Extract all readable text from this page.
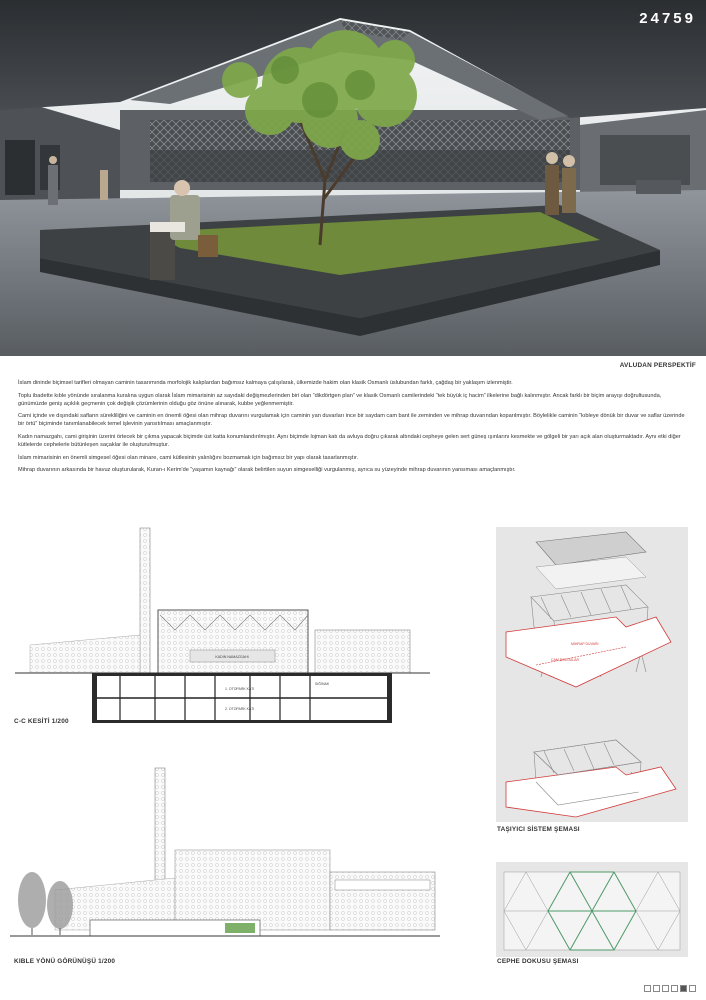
24759
AVLUDAN PERSPEKTİF

İslam dininde biçimsel tarifleri olmayan caminin tasarımında morfolojik kalıplardan bağımsız kalmaya çalışılarak, ülkemizde hakim olan klasik Osmanlı üslubundan farklı, çağdaş bir yaklaşım izlenmiştir.

Toplu ibadette kıble yönünde sıralanma kuralına uygun olarak İslam mimarisinin az sayıdaki değişmezlerinden biri olan “dikdörtgen plan” ve klasik Osmanlı camilerindeki “tek büyük iç hacim” ilkelerine bağlı kalınmıştır. Ancak farklı bir biçim arayışı doğrultusunda, günümüzde geniş açıklık geçmenin çok değişik çözümlerinin olduğu göz önüne alınarak, kubbe yeğlenmemiştir.

Cami içinde ve dışındaki safların sürekliliğini ve caminin en önemli öğesi olan mihrap duvarını vurgulamak için caminin yan duvarları ince bir saydam cam bant ile zeminden ve mihrap duvarından koparılmıştır. Böylelikle caminin “kıbleye dönük bir duvar ve saflar üzerinde bir örtü” biçiminde tanımlanabilecek temel işlevinin yansıtılması amaçlanmıştır.

Kadın namazgahı, cami girişinin üzerini örtecek bir çıkma yapacak biçimde üst katta konumlandırılmıştır. Aynı biçimde lojman katı da avluya doğru çıkarak altındaki cepheye gelen sert güneş ışınlarını kesmekte ve gölgeli bir yarı açık alan oluşturmaktadır. Aynı etki diğer kütlelerde cephelerle bütünleşen saçaklar ile oluşturulmuştur.

İslam mimarisinin en önemli simgesel öğesi olan minare, cami kütlesinin yalınlığını bozmamak için bağımsız bir yapı olarak tasarlanmıştır.

Mihrap duvarının arkasında bir havuz oluşturularak, Kuran-ı Kerim'de “yaşamın kaynağı” olarak belirtilen suyun simgeselliği vurgulanmış, ayrıca su yüzeyinde mihrap duvarının yansıması amaçlanmıştır.

KADIN NAMAZGAHI
1. OTOPARK KATI
2. OTOPARK KATI
SIĞINAK
C-C KESİTİ 1/200
KIBLE YÖNÜ GÖRÜNÜŞÜ 1/200
MİHRAP DUVARI
CAM DOLGULAR
TAŞIYICI SİSTEM ŞEMASI
CEPHE DOKUSU ŞEMASI
